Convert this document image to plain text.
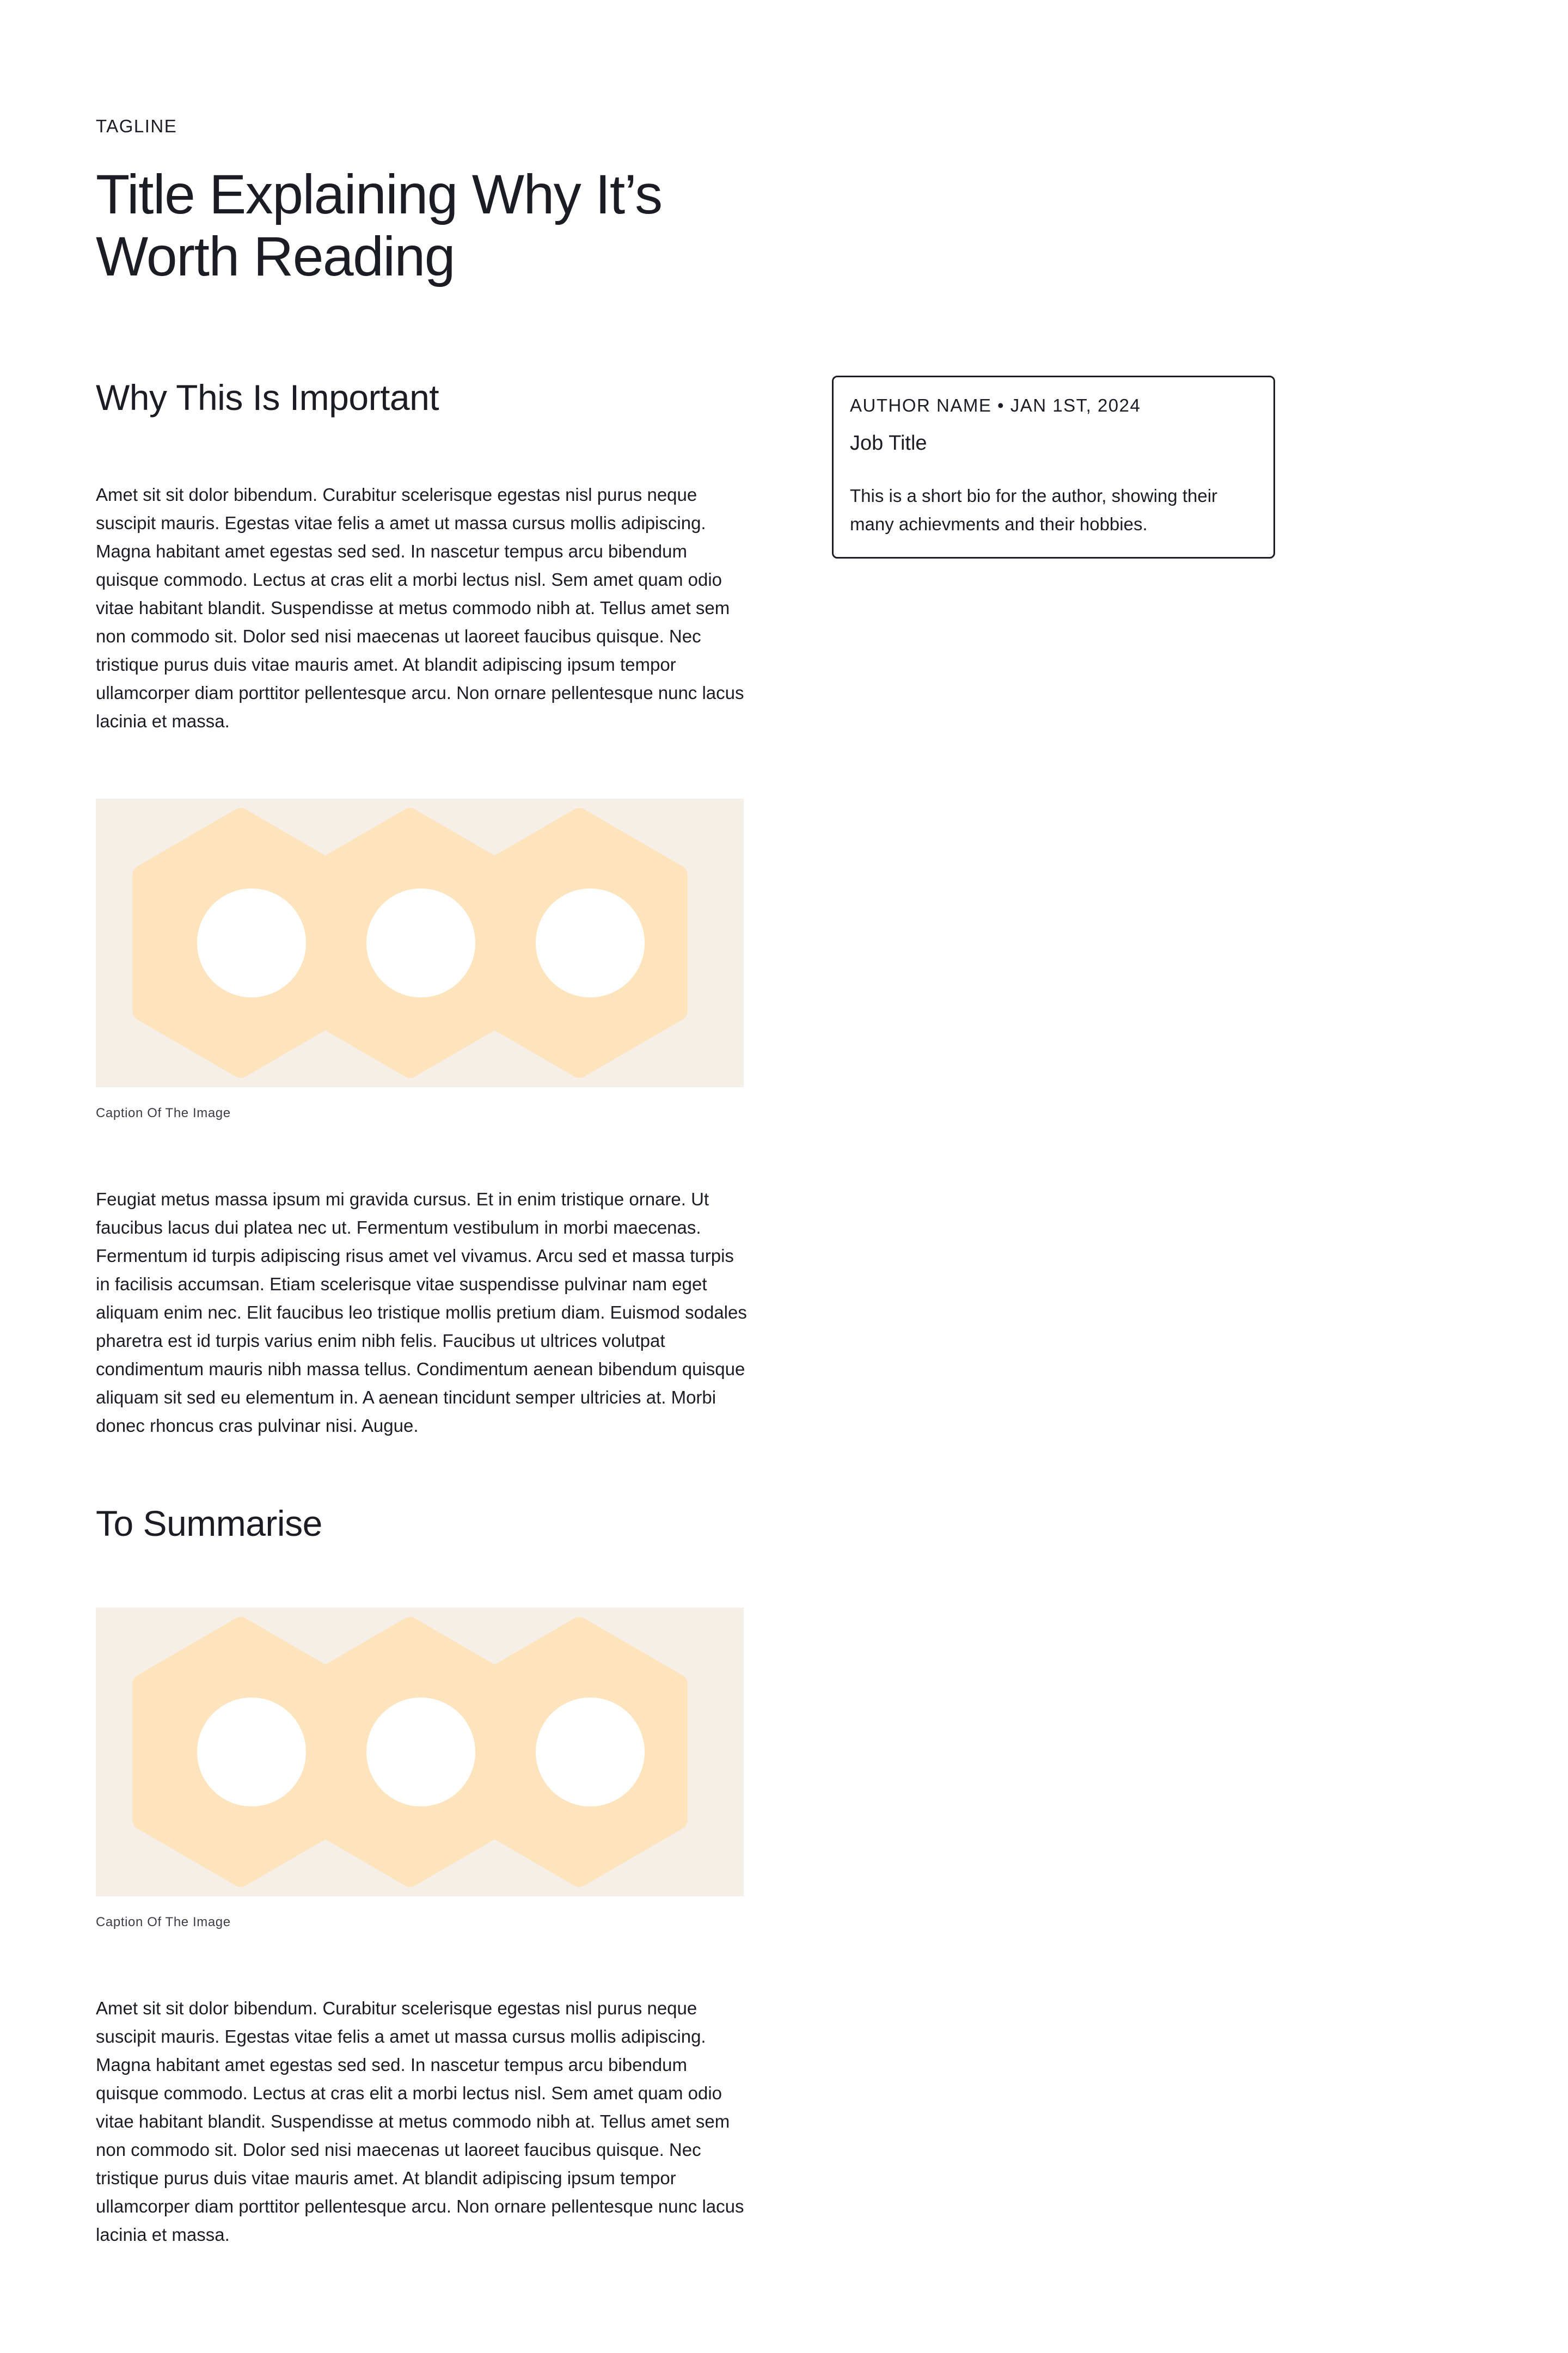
TAGLINE
Title Explaining Why It’s Worth Reading
Why This Is Important

Amet sit sit dolor bibendum. Curabitur scelerisque egestas nisl purus neque suscipit mauris. Egestas vitae felis a amet ut massa cursus mollis adipiscing. Magna habitant amet egestas sed sed. In nascetur tempus arcu bibendum quisque commodo. Lectus at cras elit a morbi lectus nisl. Sem amet quam odio vitae habitant blandit. Suspendisse at metus commodo nibh at. Tellus amet sem non commodo sit. Dolor sed nisi maecenas ut laoreet faucibus quisque. Nec tristique purus duis vitae mauris amet. At blandit adipiscing ipsum tempor ullamcorper diam porttitor pellentesque arcu. Non ornare pellentesque nunc lacus lacinia et massa.

Caption Of The Image

Feugiat metus massa ipsum mi gravida cursus. Et in enim tristique ornare. Ut faucibus lacus dui platea nec ut. Fermentum vestibulum in morbi maecenas. Fermentum id turpis adipiscing risus amet vel vivamus. Arcu sed et massa turpis in facilisis accumsan. Etiam scelerisque vitae suspendisse pulvinar nam eget aliquam enim nec. Elit faucibus leo tristique mollis pretium diam. Euismod sodales pharetra est id turpis varius enim nibh felis. Faucibus ut ultrices volutpat condimentum mauris nibh massa tellus. Condimentum aenean bibendum quisque aliquam sit sed eu elementum in. A aenean tincidunt semper ultricies at. Morbi donec rhoncus cras pulvinar nisi. Augue.

To Summarise
Caption Of The Image

Amet sit sit dolor bibendum. Curabitur scelerisque egestas nisl purus neque suscipit mauris. Egestas vitae felis a amet ut massa cursus mollis adipiscing. Magna habitant amet egestas sed sed. In nascetur tempus arcu bibendum quisque commodo. Lectus at cras elit a morbi lectus nisl. Sem amet quam odio vitae habitant blandit. Suspendisse at metus commodo nibh at. Tellus amet sem non commodo sit. Dolor sed nisi maecenas ut laoreet faucibus quisque. Nec tristique purus duis vitae mauris amet. At blandit adipiscing ipsum tempor ullamcorper diam porttitor pellentesque arcu. Non ornare pellentesque nunc lacus lacinia et massa.

AUTHOR NAME • JAN 1ST, 2024
Job Title
This is a short bio for the author, showing their many achievments and their hobbies.
